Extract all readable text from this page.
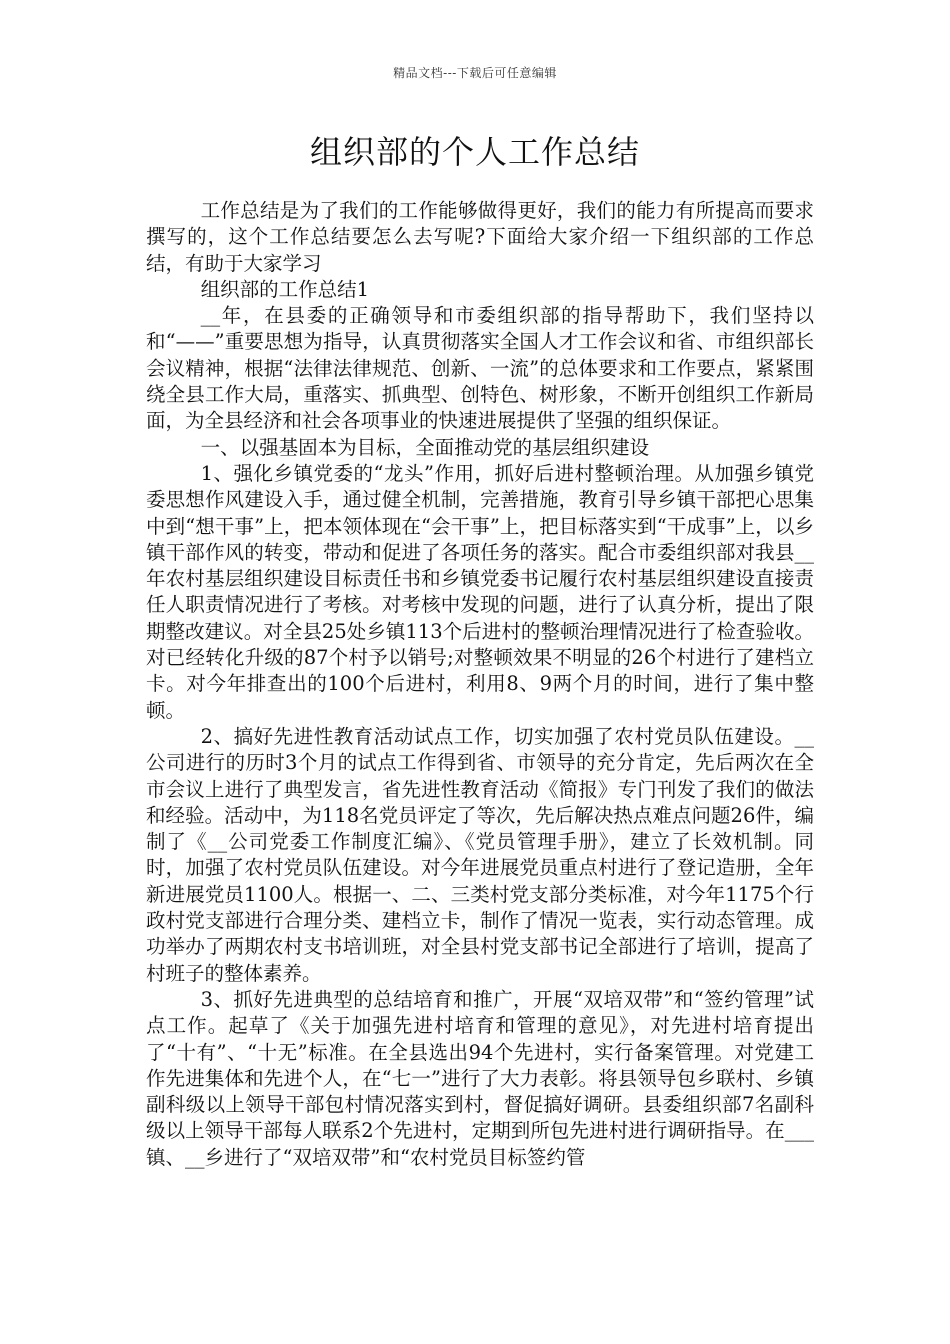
精品文档---下载后可任意编辑
组织部的个人工作总结

工作总结是为了我们的工作能够做得更好，我们的能力有所提高而要求撰写的，这个工作总结要怎么去写呢?下面给大家介绍一下组织部的工作总结，有助于大家学习

组织部的工作总结1

__年，在县委的正确领导和市委组织部的指导帮助下，我们坚持以和“——”重要思想为指导，认真贯彻落实全国人才工作会议和省、市组织部长会议精神，根据“法律法律规范、创新、一流”的总体要求和工作要点，紧紧围绕全县工作大局，重落实、抓典型、创特色、树形象，不断开创组织工作新局面，为全县经济和社会各项事业的快速进展提供了坚强的组织保证。

一、以强基固本为目标，全面推动党的基层组织建设

1、强化乡镇党委的“龙头”作用，抓好后进村整顿治理。从加强乡镇党委思想作风建设入手，通过健全机制，完善措施，教育引导乡镇干部把心思集中到“想干事”上，把本领体现在“会干事”上，把目标落实到“干成事”上，以乡镇干部作风的转变，带动和促进了各项任务的落实。配合市委组织部对我县__年农村基层组织建设目标责任书和乡镇党委书记履行农村基层组织建设直接责任人职责情况进行了考核。对考核中发现的问题，进行了认真分析，提出了限期整改建议。对全县25处乡镇113个后进村的整顿治理情况进行了检查验收。对已经转化升级的87个村予以销号;对整顿效果不明显的26个村进行了建档立卡。对今年排查出的100个后进村，利用8、9两个月的时间，进行了集中整顿。

2、搞好先进性教育活动试点工作，切实加强了农村党员队伍建设。__公司进行的历时3个月的试点工作得到省、市领导的充分肯定，先后两次在全市会议上进行了典型发言，省先进性教育活动《简报》专门刊发了我们的做法和经验。活动中，为118名党员评定了等次，先后解决热点难点问题26件，编制了《__公司党委工作制度汇编》、《党员管理手册》，建立了长效机制。同时，加强了农村党员队伍建设。对今年进展党员重点村进行了登记造册，全年新进展党员1100人。根据一、二、三类村党支部分类标准，对今年1175个行政村党支部进行合理分类、建档立卡，制作了情况一览表，实行动态管理。成功举办了两期农村支书培训班，对全县村党支部书记全部进行了培训，提高了村班子的整体素养。

3、抓好先进典型的总结培育和推广，开展“双培双带”和“签约管理”试点工作。起草了《关于加强先进村培育和管理的意见》，对先进村培育提出了“十有”、“十无”标准。在全县选出94个先进村，实行备案管理。对党建工作先进集体和先进个人，在“七一”进行了大力表彰。将县领导包乡联村、乡镇副科级以上领导干部包村情况落实到村，督促搞好调研。县委组织部7名副科级以上领导干部每人联系2个先进村，定期到所包先进村进行调研指导。在___镇、__乡进行了“双培双带”和“农村党员目标签约管
